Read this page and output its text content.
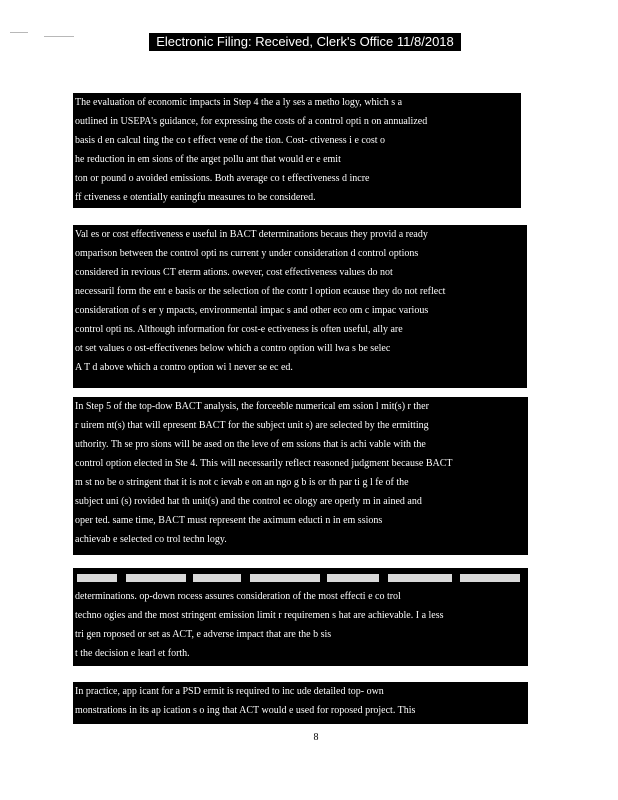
Electronic Filing: Received, Clerk's Office 11/8/2018
The evaluation of economic impacts in Step 4 the a ly ses a metho logy, which s a
outlined in USEPA's guidance, for expressing the costs of a control opti n on annualized
basis d en calcul ting the co t effect vene of the tion. Cost- ctiveness i e cost o
he reduction in em sions of the arget pollu ant that would er e emit
ton or pound o avoided emissions. Both average co t effectiveness d incre
ff ctiveness e otentially eaningfu measures to be considered.
Val es or cost effectiveness e useful in BACT determinations becaus they provid a ready
omparison between the control opti ns current y under consideration d control options
considered in revious CT eterm ations. owever, cost effectiveness values do not
necessaril form the ent e basis or the selection of the contr l option ecause they do not reflect
consideration of s er y mpacts, environmental impac s and other eco om c impac various
control opti ns. Although information for cost-e ectiveness is often useful, ally are
ot set values o ost-effectivenes below which a contro option will lwa s be selec
A T d above which a contro option wi l never se ec ed.
In Step 5 of the top-dow BACT analysis, the forceeble numerical em ssion l mit(s) r ther
r uirem nt(s) that will epresent BACT for the subject unit s) are selected by the ermitting
uthority. Th se pro sions will be ased on the leve of em ssions that is achi vable with the
control option elected in Ste 4. This will necessarily reflect reasoned judgment because BACT
m st no be o stringent that it is not c ievab e on an ngo g b is or th par ti g l fe of the
subject uni (s) rovided hat th unit(s) and the control ec ology are operly m in ained and
oper ted. same time, BACT must represent the aximum educti n in em ssions
achievab e selected co trol techn logy.

determinations. op-down rocess assures consideration of the most effecti e co trol
techno ogies and the most stringent emission limit r requiremen s hat are achievable. I a less
tri gen roposed or set as ACT, e adverse impact that are the b sis
t the decision e learl et forth.
In practice, app icant for a PSD ermit is required to inc ude detailed top- own
monstrations in its ap ication s o ing that ACT would e used for roposed project. This
8
